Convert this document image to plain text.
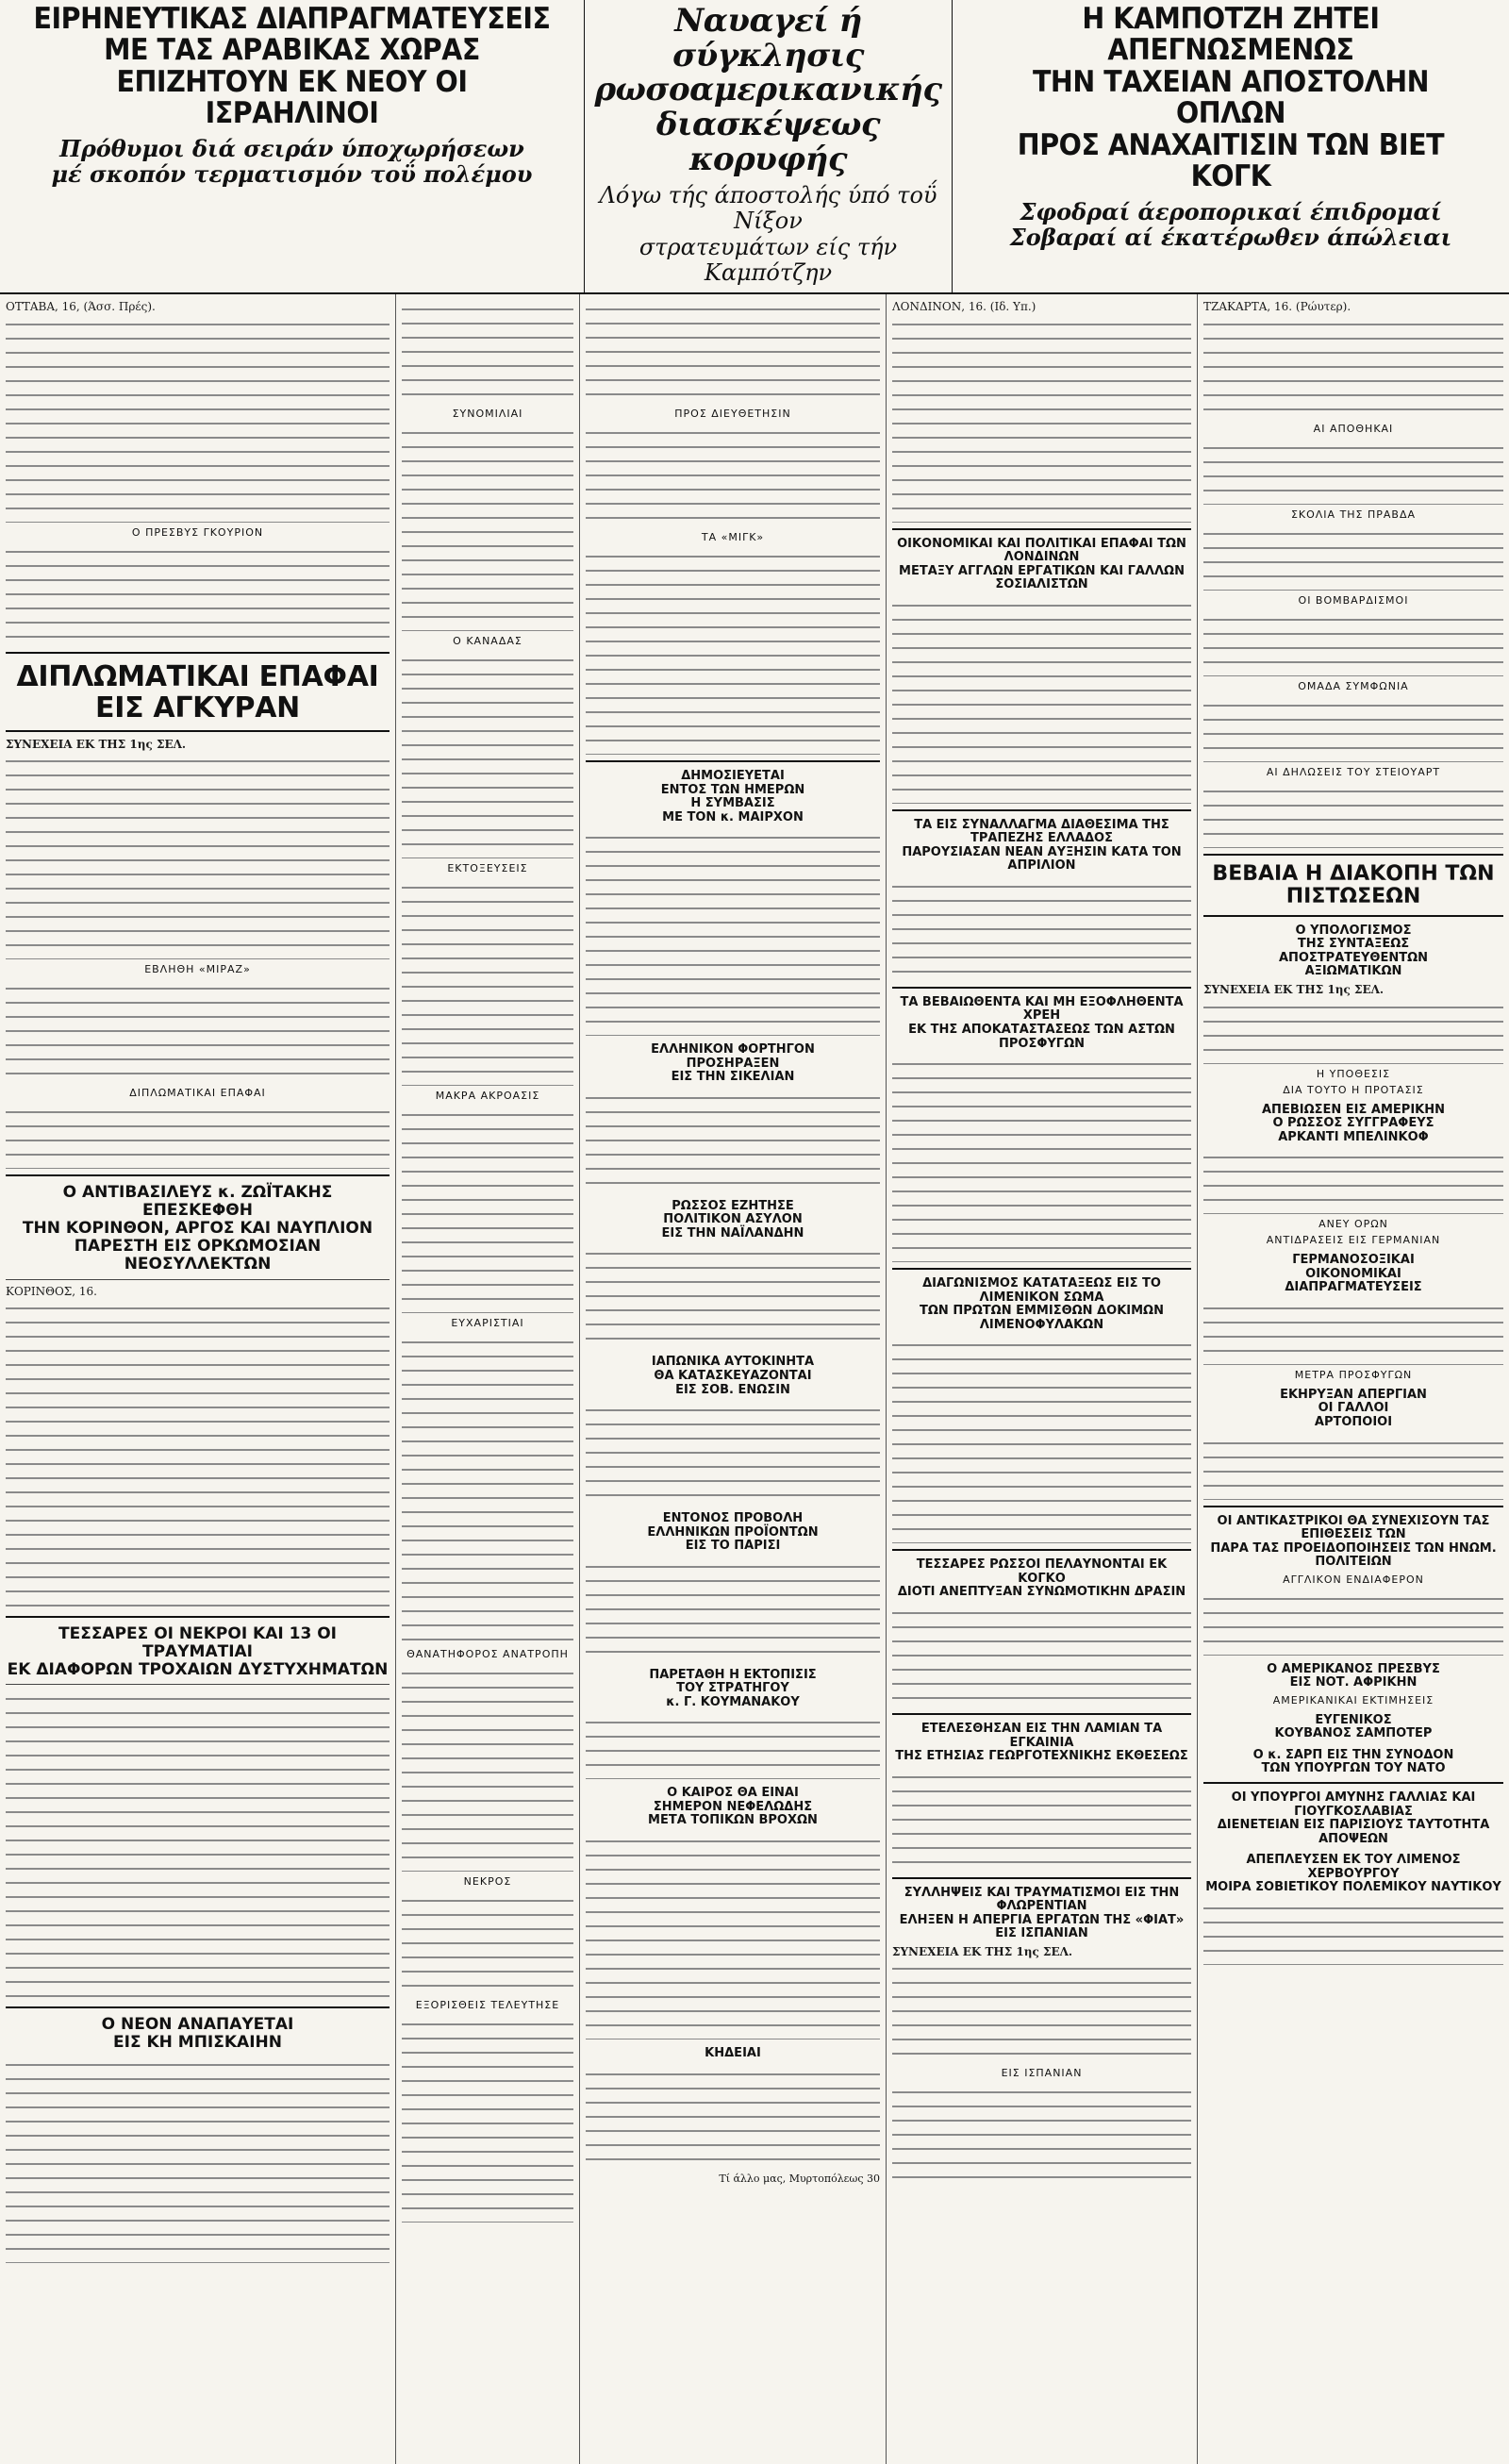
ΕΙΡΗΝΕΥΤΙΚΑΣ ΔΙΑΠΡΑΓΜΑΤΕΥΣΕΙΣ
ΜΕ ΤΑΣ ΑΡΑΒΙΚΑΣ ΧΩΡΑΣ
ΕΠΙΖΗΤΟΥΝ ΕΚ ΝΕΟΥ ΟΙ ΙΣΡΑΗΛΙΝΟΙ
Πρόθυμοι διά σειράν ύποχωρήσεων
μέ σκοπόν τερματισμόν τοΰ πολέμου
Ναυαγεί ή σύγκλησις
ρωσοαμερικανικής
διασκέψεως κορυφής
Λόγω τής άποστολής ύπό τοΰ Νίξον
στρατευμάτων είς τήν Καμπότζην
Η ΚΑΜΠΟΤΖΗ ΖΗΤΕΙ ΑΠΕΓΝΩΣΜΕΝΩΣ
ΤΗΝ ΤΑΧΕΙΑΝ ΑΠΟΣΤΟΛΗΝ ΟΠΛΩΝ
ΠΡΟΣ ΑΝΑΧΑΙΤΙΣΙΝ ΤΩΝ ΒΙΕΤ ΚΟΓΚ
Σφοδραί άεροπορικαί έπιδρομαί
Σοβαραί αί έκατέρωθεν άπώλειαι
ΟΤΤΑΒΑ, 16, (Άσσ. Πρές).
Ο ΠΡΕΣΒΥΣ ΓΚΟΥΡΙΟΝ
ΔΙΠΛΩΜΑΤΙΚΑΙ ΕΠΑΦΑΙ ΕΙΣ ΑΓΚΥΡΑΝ
ΣΥΝΕΧΕΙΑ ΕΚ ΤΗΣ 1ης ΣΕΛ.
ΕΒΛΗΘΗ «ΜΙΡΑΖ»
ΔΙΠΛΩΜΑΤΙΚΑΙ ΕΠΑΦΑΙ
Ο ΑΝΤΙΒΑΣΙΛΕΥΣ κ. ΖΩΪΤΑΚΗΣ ΕΠΕΣΚΕΦΘΗ
ΤΗΝ ΚΟΡΙΝΘΟΝ, ΑΡΓΟΣ ΚΑΙ ΝΑΥΠΛΙΟΝ
ΠΑΡΕΣΤΗ ΕΙΣ ΟΡΚΩΜΟΣΙΑΝ ΝΕΟΣΥΛΛΕΚΤΩΝ
ΚΟΡΙΝΘΟΣ, 16.
ΤΕΣΣΑΡΕΣ ΟΙ ΝΕΚΡΟΙ ΚΑΙ 13 ΟΙ ΤΡΑΥΜΑΤΙΑΙ
ΕΚ ΔΙΑΦΟΡΩΝ ΤΡΟΧΑΙΩΝ ΔΥΣΤΥΧΗΜΑΤΩΝ
Ο ΝΕΟΝ ΑΝΑΠΑΥΕΤΑΙ
ΕΙΣ ΚΗ ΜΠΙΣΚΑΙΗΝ
ΣΥΝΟΜΙΛΙΑΙ
Ο ΚΑΝΑΔΑΣ
ΕΚΤΟΞΕΥΣΕΙΣ
ΜΑΚΡΑ ΑΚΡΟΑΣΙΣ
ΕΥΧΑΡΙΣΤΙΑΙ
ΘΑΝΑΤΗΦΟΡΟΣ ΑΝΑΤΡΟΠΗ
ΝΕΚΡΟΣ
ΕΞΟΡΙΣΘΕΙΣ ΤΕΛΕΥΤΗΣΕ
ΠΡΟΣ ΔΙΕΥΘΕΤΗΣΙΝ
ΤΑ «ΜΙΓΚ»
ΔΗΜΟΣΙΕΥΕΤΑΙ
ΕΝΤΟΣ ΤΩΝ ΗΜΕΡΩΝ
Η ΣΥΜΒΑΣΙΣ
ΜΕ ΤΟΝ κ. ΜΑΙΡΧΟΝ
ΕΛΛΗΝΙΚΟΝ ΦΟΡΤΗΓΟΝ
ΠΡΟΣΗΡΑΞΕΝ
ΕΙΣ ΤΗΝ ΣΙΚΕΛΙΑΝ
ΡΩΣΣΟΣ ΕΖΗΤΗΣΕ
ΠΟΛΙΤΙΚΟΝ ΑΣΥΛΟΝ
ΕΙΣ ΤΗΝ ΝΑΪΛΑΝΔΗΝ
ΙΑΠΩΝΙΚΑ ΑΥΤΟΚΙΝΗΤΑ
ΘΑ ΚΑΤΑΣΚΕΥΑΖΟΝΤΑΙ
ΕΙΣ ΣΟΒ. ΕΝΩΣΙΝ
ΕΝΤΟΝΟΣ ΠΡΟΒΟΛΗ
ΕΛΛΗΝΙΚΩΝ ΠΡΟΪΟΝΤΩΝ
ΕΙΣ ΤΟ ΠΑΡΙΣΙ
ΠΑΡΕΤΑΘΗ Η ΕΚΤΟΠΙΣΙΣ
ΤΟΥ ΣΤΡΑΤΗΓΟΥ
κ. Γ. ΚΟΥΜΑΝΑΚΟΥ
Ο ΚΑΙΡΟΣ ΘΑ ΕΙΝΑΙ
ΣΗΜΕΡΟΝ ΝΕΦΕΛΩΔΗΣ
ΜΕΤΑ ΤΟΠΙΚΩΝ ΒΡΟΧΩΝ
ΚΗΔΕΙΑΙ
Τί άλλο μας, Μυρτοπόλεως 30
ΛΟΝΔΙΝΟΝ, 16. (Ιδ. Υπ.)
ΟΙΚΟΝΟΜΙΚΑΙ ΚΑΙ ΠΟΛΙΤΙΚΑΙ ΕΠΑΦΑΙ ΤΩΝ ΛΟΝΔΙΝΩΝ
ΜΕΤΑΞΥ ΑΓΓΛΩΝ ΕΡΓΑΤΙΚΩΝ ΚΑΙ ΓΑΛΛΩΝ ΣΟΣΙΑΛΙΣΤΩΝ
ΤΑ ΕΙΣ ΣΥΝΑΛΛΑΓΜΑ ΔΙΑΘΕΣΙΜΑ ΤΗΣ ΤΡΑΠΕΖΗΣ ΕΛΛΑΔΟΣ
ΠΑΡΟΥΣΙΑΣΑΝ ΝΕΑΝ ΑΥΞΗΣΙΝ ΚΑΤΑ ΤΟΝ ΑΠΡΙΛΙΟΝ
ΤΑ ΒΕΒΑΙΩΘΕΝΤΑ ΚΑΙ ΜΗ ΕΞΟΦΛΗΘΕΝΤΑ ΧΡΕΗ
ΕΚ ΤΗΣ ΑΠΟΚΑΤΑΣΤΑΣΕΩΣ ΤΩΝ ΑΣΤΩΝ ΠΡΟΣΦΥΓΩΝ
ΔΙΑΓΩΝΙΣΜΟΣ ΚΑΤΑΤΑΞΕΩΣ ΕΙΣ ΤΟ ΛΙΜΕΝΙΚΟΝ ΣΩΜΑ
ΤΩΝ ΠΡΩΤΩΝ ΕΜΜΙΣΘΩΝ ΔΟΚΙΜΩΝ ΛΙΜΕΝΟΦΥΛΑΚΩΝ
ΤΕΣΣΑΡΕΣ ΡΩΣΣΟΙ ΠΕΛΑΥΝΟΝΤΑΙ ΕΚ ΚΟΓΚΟ
ΔΙΟΤΙ ΑΝΕΠΤΥΞΑΝ ΣΥΝΩΜΟΤΙΚΗΝ ΔΡΑΣΙΝ
ΕΤΕΛΕΣΘΗΣΑΝ ΕΙΣ ΤΗΝ ΛΑΜΙΑΝ ΤΑ ΕΓΚΑΙΝΙΑ
ΤΗΣ ΕΤΗΣΙΑΣ ΓΕΩΡΓΟΤΕΧΝΙΚΗΣ ΕΚΘΕΣΕΩΣ
ΣΥΛΛΗΨΕΙΣ ΚΑΙ ΤΡΑΥΜΑΤΙΣΜΟΙ ΕΙΣ ΤΗΝ ΦΛΩΡΕΝΤΙΑΝ
ΕΛΗΞΕΝ Η ΑΠΕΡΓΙΑ ΕΡΓΑΤΩΝ ΤΗΣ «ΦΙΑΤ» ΕΙΣ ΙΣΠΑΝΙΑΝ
ΣΥΝΕΧΕΙΑ ΕΚ ΤΗΣ 1ης ΣΕΛ.
ΕΙΣ ΙΣΠΑΝΙΑΝ
ΤΖΑΚΑΡΤΑ, 16. (Ρώυτερ).
ΑΙ ΑΠΟΘΗΚΑΙ
ΣΚΟΛΙΑ ΤΗΣ ΠΡΑΒΔΑ
ΟΙ ΒΟΜΒΑΡΔΙΣΜΟΙ
ΟΜΑΔΑ ΣΥΜΦΩΝΙΑ
ΑΙ ΔΗΛΩΣΕΙΣ ΤΟΥ ΣΤΕΙΟΥΑΡΤ
ΒΕΒΑΙΑ Η ΔΙΑΚΟΠΗ ΤΩΝ ΠΙΣΤΩΣΕΩΝ
Ο ΥΠΟΛΟΓΙΣΜΟΣ
ΤΗΣ ΣΥΝΤΑΞΕΩΣ
ΑΠΟΣΤΡΑΤΕΥΘΕΝΤΩΝ
ΑΞΙΩΜΑΤΙΚΩΝ
ΣΥΝΕΧΕΙΑ ΕΚ ΤΗΣ 1ης ΣΕΛ.
Η ΥΠΟΘΕΣΙΣ
ΔΙΑ ΤΟΥΤΟ Η ΠΡΟΤΑΣΙΣ
ΑΠΕΒΙΩΣΕΝ ΕΙΣ ΑΜΕΡΙΚΗΝ
Ο ΡΩΣΣΟΣ ΣΥΓΓΡΑΦΕΥΣ
ΑΡΚΑΝΤΙ ΜΠΕΛΙΝΚΟΦ
ΑΝΕΥ ΟΡΩΝ
ΑΝΤΙΔΡΑΣΕΙΣ ΕΙΣ ΓΕΡΜΑΝΙΑΝ
ΓΕΡΜΑΝΟΣΟΞΙΚΑΙ
ΟΙΚΟΝΟΜΙΚΑΙ
ΔΙΑΠΡΑΓΜΑΤΕΥΣΕΙΣ
ΜΕΤΡΑ ΠΡΟΣΦΥΓΩΝ
ΕΚΗΡΥΞΑΝ ΑΠΕΡΓΙΑΝ
ΟΙ ΓΑΛΛΟΙ
ΑΡΤΟΠΟΙΟΙ
ΟΙ ΑΝΤΙΚΑΣΤΡΙΚΟΙ ΘΑ ΣΥΝΕΧΙΣΟΥΝ ΤΑΣ ΕΠΙΘΕΣΕΙΣ ΤΩΝ
ΠΑΡΑ ΤΑΣ ΠΡΟΕΙΔΟΠΟΙΗΣΕΙΣ ΤΩΝ ΗΝΩΜ. ΠΟΛΙΤΕΙΩΝ
ΑΓΓΛΙΚΟΝ ΕΝΔΙΑΦΕΡΟΝ
Ο ΑΜΕΡΙΚΑΝΟΣ ΠΡΕΣΒΥΣ
ΕΙΣ ΝΟΤ. ΑΦΡΙΚΗΝ
ΑΜΕΡΙΚΑΝΙΚΑΙ ΕΚΤΙΜΗΣΕΙΣ
ΕΥΓΕΝΙΚΟΣ
ΚΟΥΒΑΝΟΣ ΣΑΜΠΟΤΕΡ
Ο κ. ΣΑΡΠ ΕΙΣ ΤΗΝ ΣΥΝΟΔΟΝ
ΤΩΝ ΥΠΟΥΡΓΩΝ ΤΟΥ ΝΑΤΟ
ΟΙ ΥΠΟΥΡΓΟΙ ΑΜΥΝΗΣ ΓΑΛΛΙΑΣ ΚΑΙ ΓΙΟΥΓΚΟΣΛΑΒΙΑΣ
ΔΙΕΝΕΤΕΙΑΝ ΕΙΣ ΠΑΡΙΣΙΟΥΣ ΤΑΥΤΟΤΗΤΑ ΑΠΟΨΕΩΝ
ΑΠΕΠΛΕΥΣΕΝ ΕΚ ΤΟΥ ΛΙΜΕΝΟΣ ΧΕΡΒΟΥΡΓΟΥ
ΜΟΙΡΑ ΣΟΒΙΕΤΙΚΟΥ ΠΟΛΕΜΙΚΟΥ ΝΑΥΤΙΚΟΥ
